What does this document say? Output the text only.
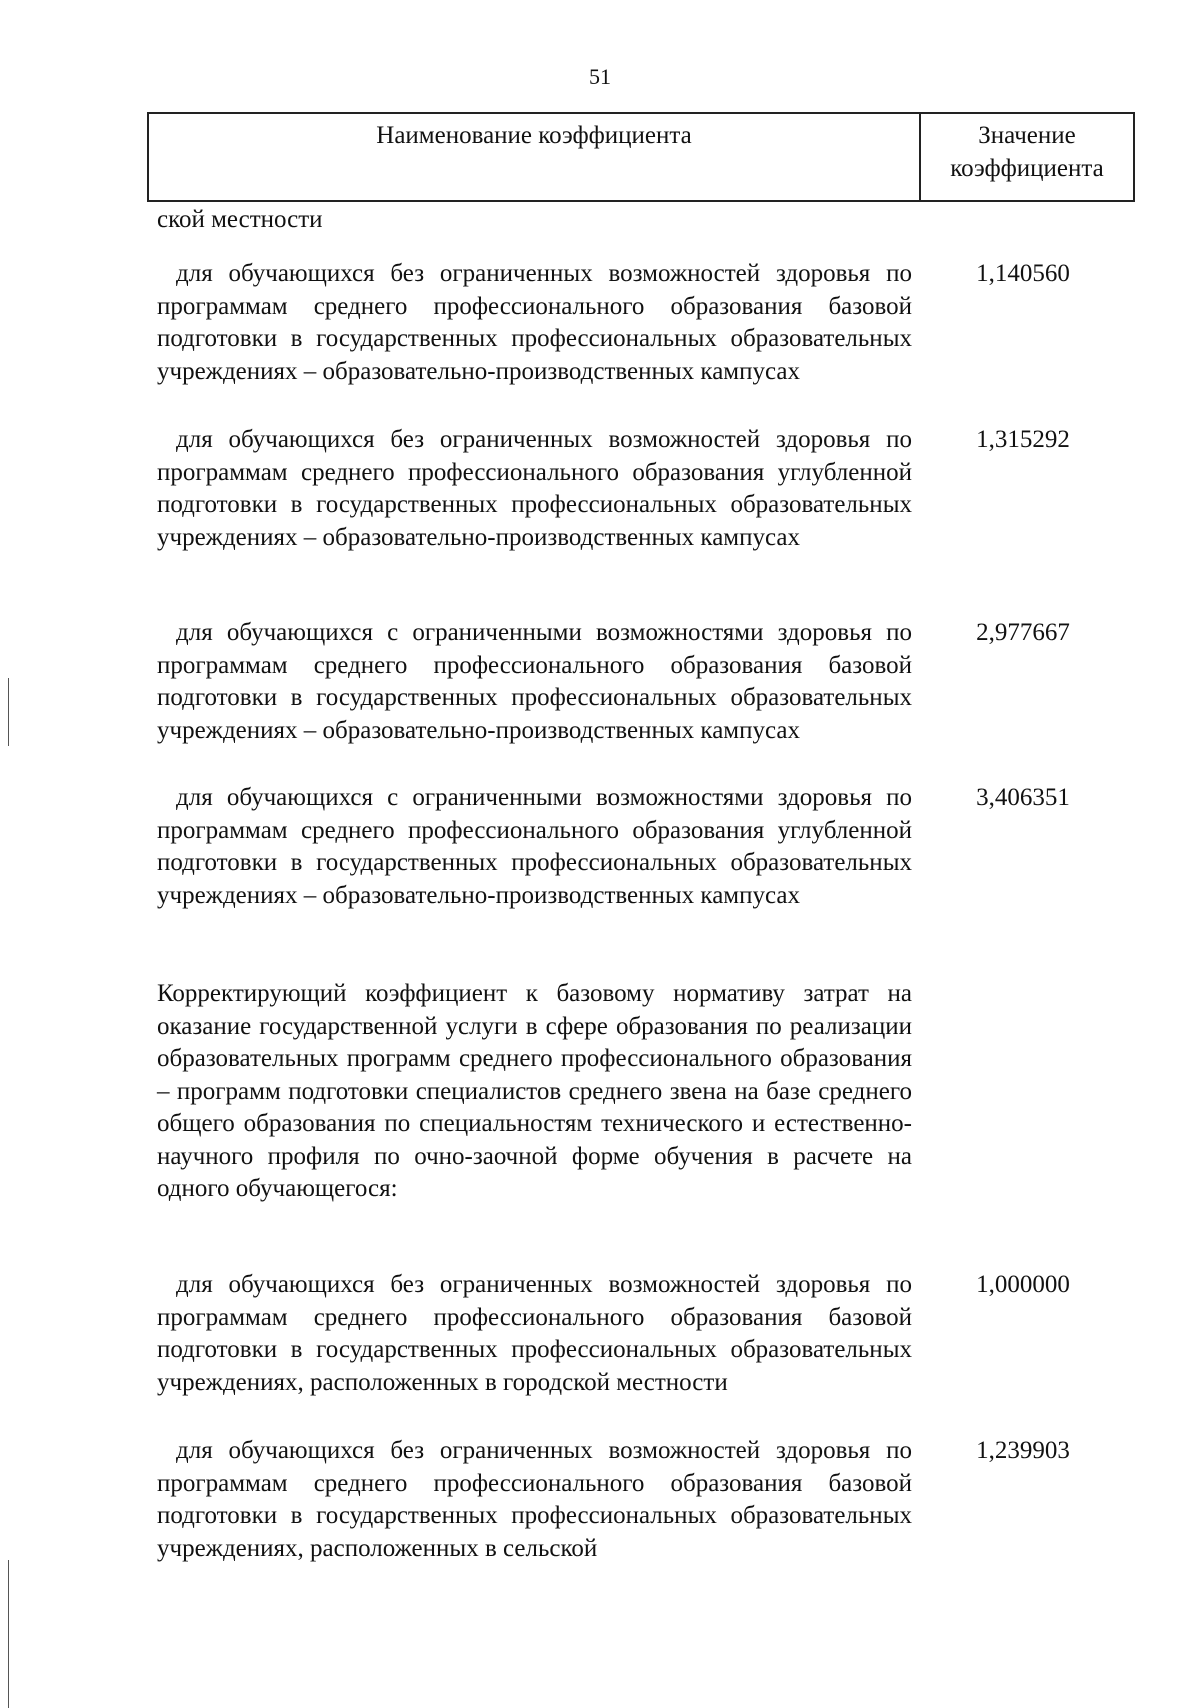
51
Наименование коэффициента	Значение коэффициента
ской местности
для обучающихся без ограниченных возможностей здоровья по программам среднего профессионального образования базовой подготовки в государственных профессиональных образовательных учреждениях – образовательно-производственных кампусах
1,140560
для обучающихся без ограниченных возможностей здоровья по программам среднего профессионального образования углубленной подготовки в государственных профессиональных образовательных учреждениях – образовательно-производственных кампусах
1,315292
для обучающихся с ограниченными возможностями здоровья по программам среднего профессионального образования базовой подготовки в государственных профессиональных образовательных учреждениях – образовательно-производственных кампусах
2,977667
для обучающихся с ограниченными возможностями здоровья по программам среднего профессионального образования углубленной подготовки в государственных профессиональных образовательных учреждениях – образовательно-производственных кампусах
3,406351
Корректирующий коэффициент к базовому нормативу затрат на оказание государственной услуги в сфере образования по реализации образовательных программ среднего профессионального образования – программ подготовки специалистов среднего звена на базе среднего общего образования по специальностям технического и естественно-научного профиля по очно-заочной форме обучения в расчете на одного обучающегося:
для обучающихся без ограниченных возможностей здоровья по программам среднего профессионального образования базовой подготовки в государственных профессиональных образовательных учреждениях, расположенных в городской местности
1,000000
для обучающихся без ограниченных возможностей здоровья по программам среднего профессионального образования базовой подготовки в государственных профессиональных образовательных учреждениях, расположенных в сельской
1,239903
